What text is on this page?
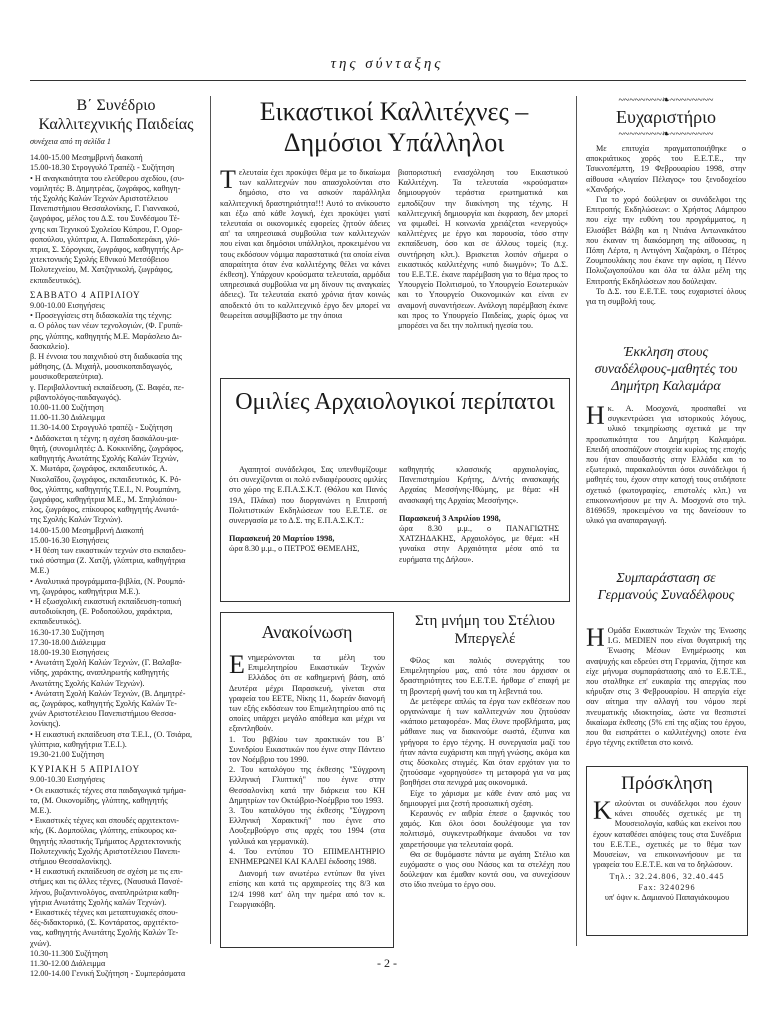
της σύνταξης
Β΄ Συνέδριο Καλλιτεχνικής Παιδείας
συνέχεια από τη σελίδα 1
14.00-15.00 Μεσημβρινή διακοπή
15.00-18.30 Στρογγυλό Τραπέζι - Συζήτηση
• Η αναγκαιότητα του ελεύθερου σχεδίου, (συ-
νομιλητές: Β. Δημητρέας, ζωγράφος, καθηγη-
τής Σχολής Καλών Τεχνών Αριστοτέλειου
Πανεπιστήμιου Θεσσαλονίκης, Γ. Γιαννακού,
ζωγράφος, μέλος του Δ.Σ. του Συνδέσμου Τέ-
χνης και Τεχνικού Σχολείου Κύπρου, Γ. Ομορ-
φοπούλου, γλύπτρια, Α. Παπαδοπεράκη, γλύ-
πτρια, Σ. Σόρογκας, ζωγράφος, καθηγητής Αρ-
χιτεκτονικής Σχολής Εθνικού Μετσόβειου
Πολυτεχνείου, Μ. Χατζηνικολή, ζωγράφος,
εκπαιδευτικός).
ΣΑΒΒΑΤΟ 4 ΑΠΡΙΛΙΟΥ
9.00-10.00 Εισηγήσεις
• Προσεγγίσεις στη διδασκαλία της τέχνης:
α. Ο ρόλος των νέων τεχνολογιών, (Φ. Γρυπά-
ρης, γλύπτης, καθηγητής Μ.Ε. Μαράσλειο Δι-
δασκαλείο).
β. Η έννοια του παιχνιδιού στη διαδικασία της
μάθησης, (Δ. Μιχαήλ, μουσικοπαιδαγωγός,
μουσικοθεραπεύτρια).
γ. Περιβαλλοντική εκπαίδευση, (Σ. Βαφέα, πε-
ριβαντολόγος-παιδαγωγός).
10.00-11.00 Συζήτηση
11.00-11.30 Διάλειμμα
11.30-14.00 Στρογγυλό τραπέζι - Συζήτηση
• Διδάσκεται η τέχνη; η σχέση δασκάλου-μα-
θητή, (συνομιλητές: Δ. Κοκκινίδης, ζωγράφος,
καθηγητής Ανωτάτης Σχολής Καλών Τεχνών,
Χ. Μωτάρα, ζωγράφος, εκπαιδευτικός, Α.
Νικολαΐδου, ζωγράφος, εκπαιδευτικός, Κ. Ρό-
θος, γλύπτης, καθηγητής Τ.Ε.Ι., Ν. Ρουμπάνη,
ζωγράφος, καθηγήτρια Μ.Ε., Μ. Σπηλιόπου-
λος, ζωγράφος, επίκουρος καθηγητής Ανωτά-
της Σχολής Καλών Τεχνών).
14.00-15.00 Μεσημβρινή Διακοπή
15.00-16.30 Εισηγήσεις
• Η θέση των εικαστικών τεχνών στο εκπαιδευ-
τικό σύστημα (Ζ. Χατζή, γλύπτρια, καθηγήτρια
Μ.Ε.)
• Αναλυτικά προγράμματα-βιβλία, (Ν. Ρουμπά-
νη, ζωγράφος, καθηγήτρια Μ.Ε.).
• Η εξωσχολική εικαστική εκπαίδευση-τοπική
αυτοδιοίκηση, (Ε. Ροδοπούλου, χαράκτρια,
εκπαιδευτικός).
16.30-17.30 Συζήτηση
17.30-18.00 Διάλειμμα
18.00-19.30 Εισηγήσεις
• Ανωτάτη Σχολή Καλών Τεχνών, (Γ. Βαλαβα-
νίδης, χαράκτης, αναπληρωτής καθηγητής
Ανωτάτης Σχολής Καλών Τεχνών).
• Ανώτατη Σχολή Καλών Τεχνών, (Β. Δημητρέ-
ας, ζωγράφος, καθηγητής Σχολής Καλών Τε-
χνών Αριστοτέλειου Πανεπιστήμιου Θεσσα-
λονίκης).
• Η εικαστική εκπαίδευση στα Τ.Ε.Ι., (Ο. Τσιάρα,
γλύπτρια, καθηγήτρια Τ.Ε.Ι.).
19.30-21.00 Συζήτηση
ΚΥΡΙΑΚΗ 5 ΑΠΡΙΛΙΟΥ
9.00-10.30 Εισηγήσεις
• Οι εικαστικές τέχνες στα παιδαγωγικά τμήμα-
τα, (Μ. Οικονομίδης, γλύπτης, καθηγητής
Μ.Ε.).
• Εικαστικές τέχνες και σπουδές αρχιτεκτονι-
κής, (Κ. Δομπούλας, γλύπτης, επίκουρος κα-
θηγητής πλαστικής Τμήματος Αρχιτεκτονικής
Πολυτεχνικής Σχολής Αριστοτέλειου Πανεπι-
στήμιου Θεσσαλονίκης).
• Η εικαστική εκπαίδευση σε σχέση με τις επι-
στήμες και τις άλλες τέχνες, (Ναυσικά Πανσέ-
λήνου, βυζαντινολόγος, αναπληρώτρια καθη-
γήτρια Ανωτάτης Σχολής καλών Τεχνών).
• Εικαστικές τέχνες και μεταπτυχιακές σπου-
δές-διδακτορικό, (Σ. Κοντάρατος, αρχιτέκτο-
νας, καθηγητής Ανωτάτης Σχολής Καλών Τε-
χνών).
10.30-11.300 Συζήτηση
11.30-12.00 Διάλειμμα
12.00-14.00 Γενική Συζήτηση - Συμπεράσματα
Εικαστικοί Καλλιτέχνες – Δημόσιοι Υπάλληλοι
Τελευταία έχει προκύψει θέμα με το δικαίωμα των καλλιτεχνών που απασχολούνται στο δημόσιο, στο να ασκούν παράλληλα καλλιτεχνική δραστηριότητα!!! Αυτό το ανίκουστο και έξω από κάθε λογική, έχει προκύψει γιατί τελευταία οι οικονομικές εφορείες ζητούν άδειες απ' τα υπηρεσιακά συμβούλια των καλλιτεχνών που είναι και δημόσιοι υπάλληλοι, προκειμένου να τους εκδόσουν νόμιμα παραστατικά (τα οποία είναι απαραίτητα όταν ένα καλλιτέχνης θέλει να κάνει έκθεση). Υπάρχουν κρούσματα τελευταία, αρμόδια υπηρεσιακά συμβούλια να μη δίνουν τις αναγκαίες άδειες). Τα τελευταία εκατό χρόνια ήταν κοινώς αποδεκτό ότι το καλλιτεχνικό έργο δεν μπορεί να θεωρείται ασυμβίβαστο με την όποια
βιοποριστική ενασχόληση του Εικαστικού Καλλιτέχνη. Τα τελευταία «κρούσματα» δημιουργούν τεράστια ερωτηματικά και εμποδίζουν την διακίνηση της τέχνης. Η καλλιτεχνική δημιουργία και έκφραση, δεν μπορεί να φιμωθεί. Η κοινωνία χρειάζεται «ενεργούς» καλλιτέχνες με έργο και παρουσία, τόσο στην εκπαίδευση, όσο και σε άλλους τομείς (π.χ. συντήρηση κλπ.). Βρισκεται λοιπόν σήμερα ο εικαστικός καλλιτέχνης «υπό διωγμόν»; Το Δ.Σ. του Ε.Ε.Τ.Ε. έκανε παρέμβαση για το θέμα προς το Υπουργείο Πολιτισμού, το Υπουργείο Εσωτερικών και το Υπουργείο Οικονομικών και είναι εν αναμονή συναντήσεων. Ανάλογη παρέμβαση έκανε και προς το Υπουργείο Παιδείας, χωρίς όμως να μπορέσει να δει την πολιτική ηγεσία του.
Ομιλίες Αρχαιολογικοί περίπατοι

Αγαπητοί συνάδελφοι, Σας υπενθυμίζουμε ότι συνεχίζονται οι πολύ ενδιαφέρουσες ομιλίες στο χώρο της Ε.Π.Α.Σ.Κ.Τ. (Θόλου και Πανός 19Α, Πλάκα) που διοργανώνει η Επιτροπή Πολιτιστικών Εκδηλώσεων του Ε.Ε.Τ.Ε. σε συνεργασία με το Δ.Σ. της Ε.Π.Α.Σ.Κ.Τ.:

Παρασκευή 20 Μαρτίου 1998,

ώρα 8.30 μ.μ., ο ΠΕΤΡΟΣ ΘΕΜΕΛΗΣ,

καθηγητής κλασσικής αρχαιολογίας, Πανεπιστημίου Κρήτης, Δ/ντής ανασκαφής Αρχαίας Μεσσήνης-Ιθώμης, με θέμα: «Η ανασκαφή της Αρχαίας Μεσσήνης».

Παρασκευή 3 Απριλίου 1998,

ώρα 8.30 μ.μ., ο ΠΑΝΑΓΙΩΤΗΣ ΧΑΤΖΗΔΑΚΗΣ, Αρχαιολόγος, με θέμα: «Η γυναίκα στην Αρχαιότητα μέσα από τα ευρήματα της Δήλου».

Ανακοίνωση

Ενημερώνονται τα μέλη του Επιμελητηρίου Εικαστικών Τεχνών Ελλάδος ότι σε καθημερινή βάση, από Δευτέρα μέχρι Παρασκευή, γίνεται στα γραφεία του ΕΕΤΕ, Νίκης 11, δωρεάν διανομή των εξής εκδόσεων του Επιμελητηρίου από τις οποίες υπάρχει μεγάλο απόθεμα και μέχρι να εξαντληθούν.

1. Του βιβλίου των πρακτικών του Β΄ Συνεδρίου Εικαστικών που έγινε στην Πάντειο τον Νοέμβριο του 1990.
2. Του καταλόγου της έκθεσης "Σύγχρονη Ελληνική Γλυπτική" που έγινε στην Θεσσαλονίκη κατά την διάρκεια του ΚΗ Δημητρίων τον Οκτώβριο-Νοέμβριο του 1993.
3. Του καταλόγου της έκθεσης "Σύγχρονη Ελληνική Χαρακτική" που έγινε στο Λουξεμβούργο στις αρχές του 1994 (στα γαλλικά και γερμανικά).
4. Του εντύπου ΤΟ ΕΠΙΜΕΛΗΤΗΡΙΟ ΕΝΗΜΕΡΩΝΕΙ ΚΑΙ ΚΑΛΕΙ έκδοσης 1988.

Διανομή των ανωτέρω εντύπων θα γίνει επίσης και κατά τις αρχαιρεσίες της 8/3 και 12/4 1998 κατ' όλη την ημέρα από τον κ. Γεωργιακόβη.

Στη μνήμη του Στέλιου Μπεργελέ

Φίλος και παλιός συνεργάτης του Επιμελητηρίου μας, από τότε που άρχισαν οι δραστηριότητες του Ε.Ε.Τ.Ε. ήρθαμε σ' επαφή με τη βροντερή φωνή του και τη λεβεντιά του.

Δε μετέφερε απλώς τα έργα των εκθέσεων που οργανώναμε ή των καλλιτεχνών που ζητούσαν «κάποιο μεταφορέα». Μας έλυνε προβλήματα, μας μάθαινε πως να διακινούμε σωστά, έξυπνα και γρήγορα το έργο τέχνης. Η συνεργασία μαζί του ήταν πάντα ευχάριστη και πηγή γνώσης, ακόμα και στις δύσκολες στιγμές. Και όταν ερχόταν για το ζητούσαμε «χορηγούσε» τη μεταφορά για να μας βοηθήσει στα πενιχρά μας οικονομικά.

Είχε το χάρισμα με κάθε έναν από μας να δημιουργεί μια ζεστή προσωπική σχέση.

Κεραυνός εν αιθρία έπεσε ο ξαφνικός του χαμός. Και όλοι όσοι δουλέψουμε για τον πολιτισμό, συγκεντρωθήκαμε άναυδοι να τον χαιρετήσουμε για τελευταία φορά.

Θα σε θυμόμαστε πάντα με αγάπη Στέλιο και ευχόμαστε ο γιος σου Νάσος και τα στελέχη που δούλεψαν και έμαθαν κοντά σου, να συνεχίσουν στο ίδιο πνεύμα το έργο σου.

~~~~~~~~❧~~~~~~~~
Ευχαριστήριο
~~~~~~~~❧~~~~~~~~

Με επιτυχία πραγματοποιήθηκε ο αποκριάτικος χορός του Ε.Ε.Τ.Ε., την Τσικνοπέμπτη, 19 Φεβρουαρίου 1998, στην αίθουσα «Αιγαίον Πέλαγος» του ξενοδοχείου «Χανδρής».

Για το χορό δούλεψαν οι συνάδελφοι της Επιτροπής Εκδηλώσεων: ο Χρήστος Λάμπρου που είχε την ευθύνη του προγράμματος, η Ελισάβετ Βάλβη και η Ντιάνα Αντωνακάτου που έκαναν τη διακόσμηση της αίθουσας, η Πόπη Λέρτα, η Αντιγόνη Χαζαράκη, ο Πέτρος Ζουμπουλάκης που έκανε την αφίσα, η Πέννυ Πολυζωγοπούλου και όλα τα άλλα μέλη της Επιτροπής Εκδηλώσεων που δούλεψαν.

Το Δ.Σ. του Ε.Ε.Τ.Ε. τους ευχαριστεί όλους για τη συμβολή τους.

Έκκληση στους συναδέλφους-μαθητές του Δημήτρη Καλαμάρα
Η κ. Α. Μοσχονά, προσπαθεί να συγκεντρώσει για ιστορικούς λόγους, υλικό τεκμηρίωσης σχετικά με την προσωπικότητα του Δημήτρη Καλαμάρα. Επειδή αποσπάζουν στοιχεία κυρίως της εποχής που ήταν σπουδαστής στην Ελλάδα και το εξωτερικό, παρακαλούνται όσοι συνάδελφοι ή μαθητές του, έχουν στην κατοχή τους οτιδήποτε σχετικό (φωτογραφίες, επιστολές κλπ.) να επικοινωνήσουν με την Α. Μοσχονά στο τηλ. 8169659, προκειμένου να της δανείσουν το υλικό για αναπαραγωγή.
Συμπαράσταση σε Γερμανούς Συναδέλφους
Η Ομάδα Εικαστικών Τεχνών της Ένωσης I.G. MEDIEN που είναι θυγατρική της Ένωσης Μέσων Ενημέρωσης και αναψυχής και εδρεύει στη Γερμανία, ζήτησε και είχε μήνυμα συμπαράστασης από το Ε.Ε.Τ.Ε., που σταλθηκε επ' ευκαιρία της απεργίας που κήρυξαν στις 3 Φεβρουαρίου. Η απεργία είχε σαν αίτημα την αλλαγή του νόμου περί πνευματικής ιδιοκτησίας, ώστε να θεσπιστεί δικαίωμα έκθεσης (5% επί της αξίας του έργου, που θα εισπράττει ο καλλιτέχνης) οποτε ένα έργο τέχνης εκτίθεται στο κοινό.
Πρόσκληση
Καλούνται οι συνάδελφοι που έχουν κάνει σπουδές σχετικές με τη Μουσειολογία, καθώς και εκείνοι που έχουν καταθέσει απόψεις τους στα Συνέδρια του Ε.Ε.Τ.Ε., σχετικές με το θέμα των Μουσείων, να επικοινωνήσουν με τα γραφεία του Ε.Ε.Τ.Ε. και να το δηλώσουν.

Τηλ.: 32.24.806, 32.40.445

Fax: 3240296

υπ' όψιν κ. Δαμιανού Παπαγιάκουμου

- 2 -
